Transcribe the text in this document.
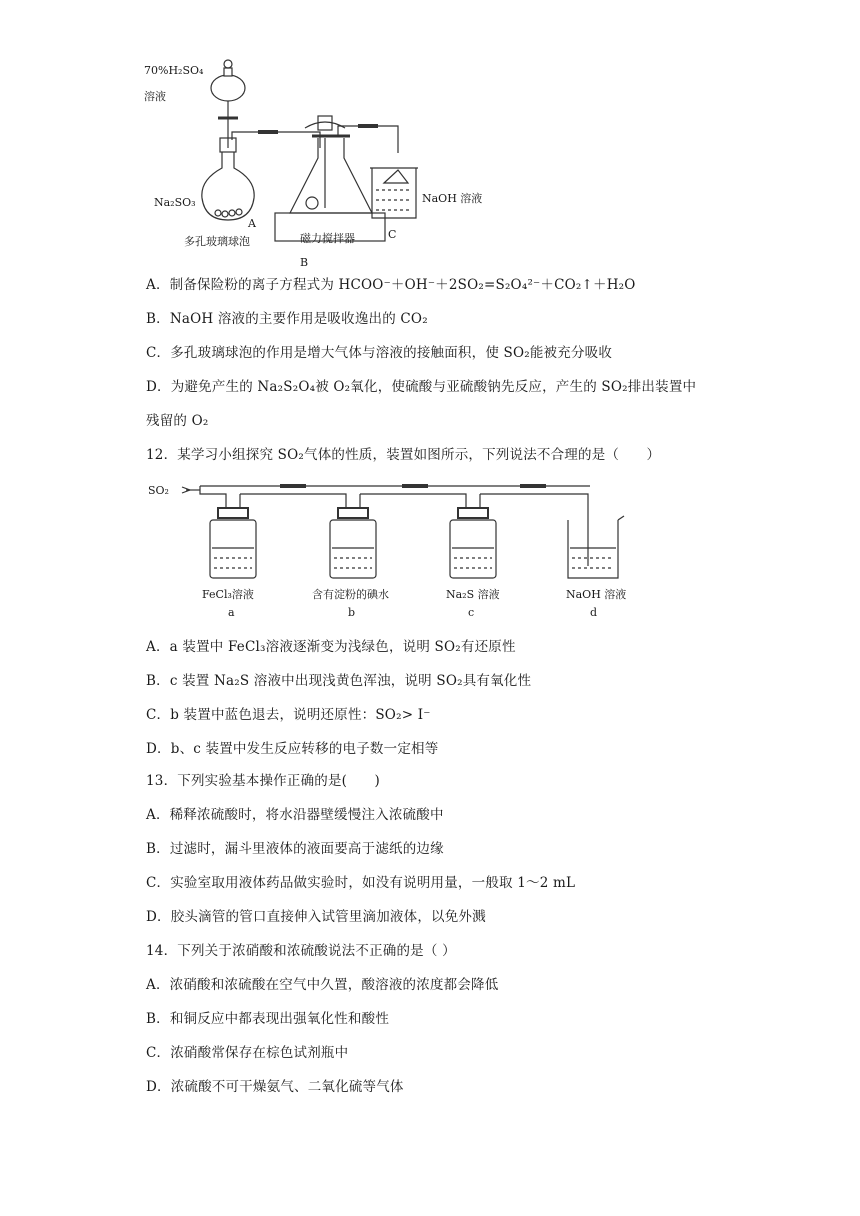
70%H₂SO₄
溶液
Na₂SO₃
A
多孔玻璃球泡	磁力搅拌器
B
NaOH 溶液
C
A．制备保险粉的离子方程式为 HCOO⁻＋OH⁻＋2SO₂=S₂O₄²⁻＋CO₂↑＋H₂O
B．NaOH 溶液的主要作用是吸收逸出的 CO₂
C．多孔玻璃球泡的作用是增大气体与溶液的接触面积，使 SO₂能被充分吸收
D．为避免产生的 Na₂S₂O₄被 O₂氧化，使硫酸与亚硫酸钠先反应，产生的 SO₂排出装置中
残留的 O₂
12．某学习小组探究 SO₂气体的性质，装置如图所示，下列说法不合理的是（　　）
SO₂
FeCl₃溶液
a
含有淀粉的碘水
b
Na₂S 溶液
c
NaOH 溶液
d
A．a 装置中 FeCl₃溶液逐渐变为浅绿色，说明 SO₂有还原性
B．c 装置 Na₂S 溶液中出现浅黄色浑浊，说明 SO₂具有氧化性
C．b 装置中蓝色退去，说明还原性：SO₂> I⁻
D．b、c 装置中发生反应转移的电子数一定相等
13．下列实验基本操作正确的是(　　)
A．稀释浓硫酸时，将水沿器壁缓慢注入浓硫酸中
B．过滤时，漏斗里液体的液面要高于滤纸的边缘
C．实验室取用液体药品做实验时，如没有说明用量，一般取 1～2 mL
D．胶头滴管的管口直接伸入试管里滴加液体，以免外溅
14．下列关于浓硝酸和浓硫酸说法不正确的是（ ）
A．浓硝酸和浓硫酸在空气中久置，酸溶液的浓度都会降低
B．和铜反应中都表现出强氧化性和酸性
C．浓硝酸常保存在棕色试剂瓶中
D．浓硫酸不可干燥氨气、二氧化硫等气体
